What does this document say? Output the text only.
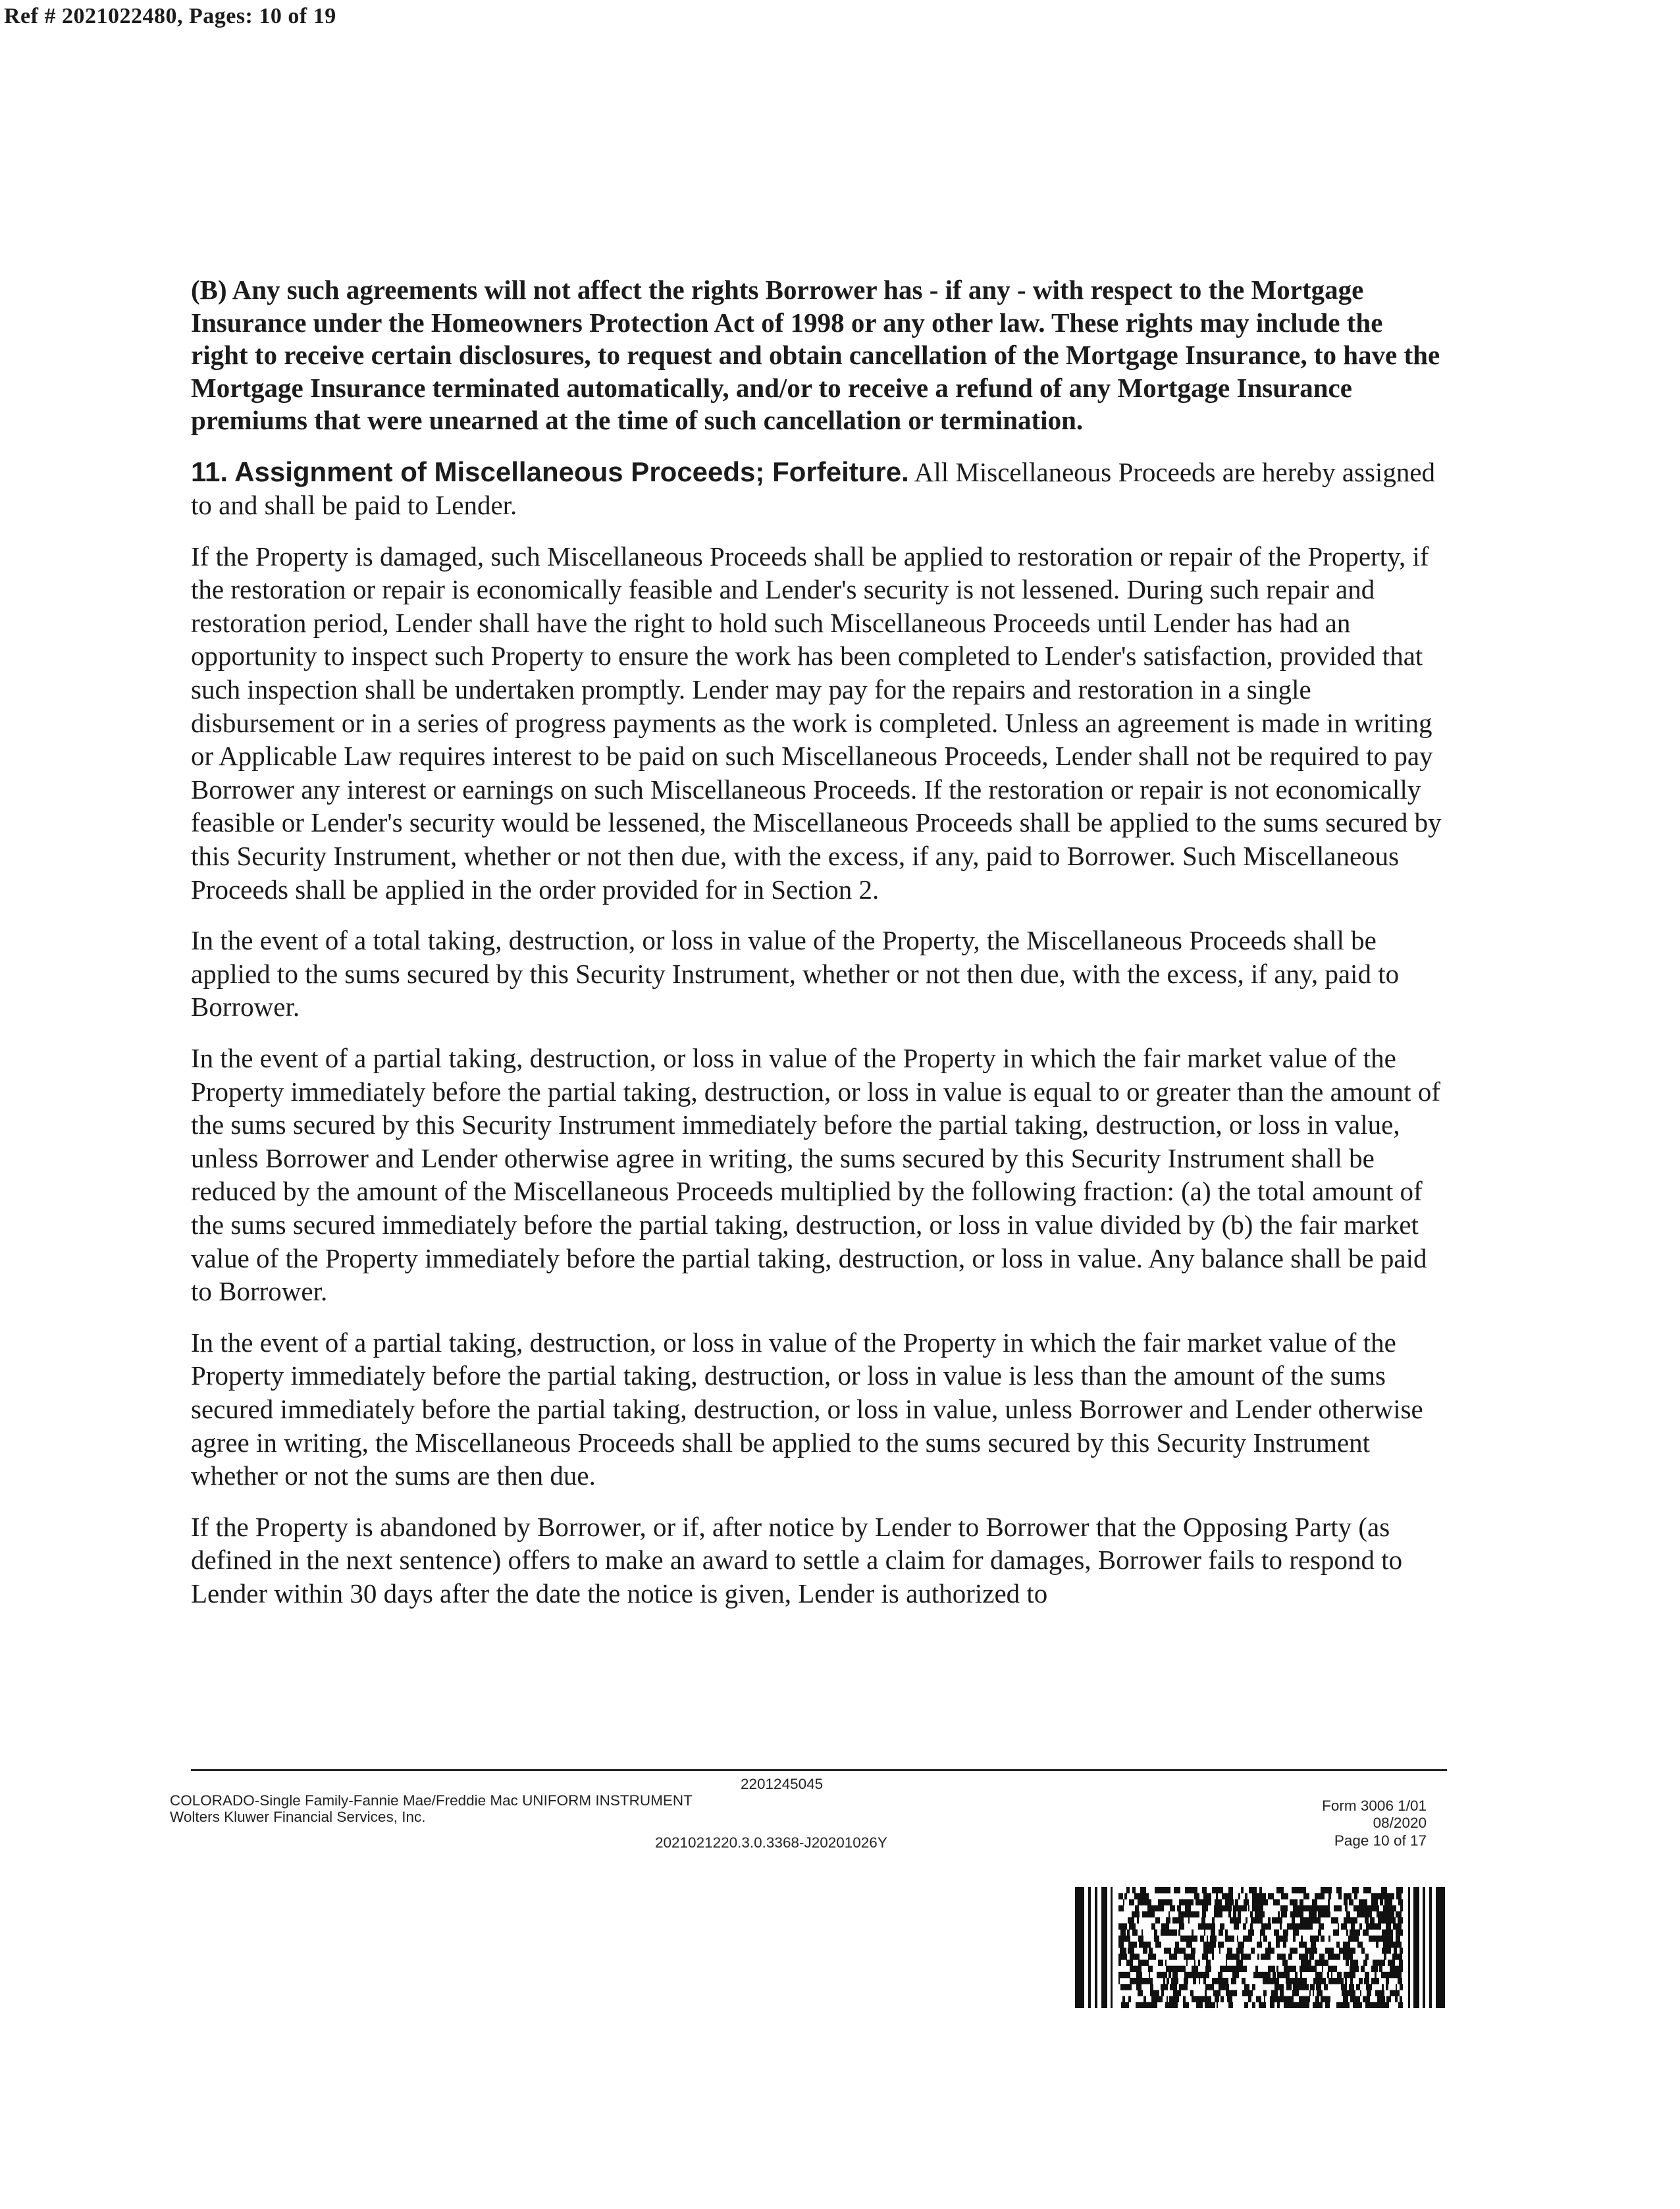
Ref # 2021022480, Pages: 10 of 19

(B) Any such agreements will not affect the rights Borrower has - if any - with respect to the Mortgage Insurance under the Homeowners Protection Act of 1998 or any other law. These rights may include the right to receive certain disclosures, to request and obtain cancellation of the Mortgage Insurance, to have the Mortgage Insurance terminated automatically, and/or to receive a refund of any Mortgage Insurance premiums that were unearned at the time of such cancellation or termination.

11. Assignment of Miscellaneous Proceeds; Forfeiture. All Miscellaneous Proceeds are hereby assigned to and shall be paid to Lender.

If the Property is damaged, such Miscellaneous Proceeds shall be applied to restoration or repair of the Property, if the restoration or repair is economically feasible and Lender's security is not lessened. During such repair and restoration period, Lender shall have the right to hold such Miscellaneous Proceeds until Lender has had an opportunity to inspect such Property to ensure the work has been completed to Lender's satisfaction, provided that such inspection shall be undertaken promptly. Lender may pay for the repairs and restoration in a single disbursement or in a series of progress payments as the work is completed. Unless an agreement is made in writing or Applicable Law requires interest to be paid on such Miscellaneous Proceeds, Lender shall not be required to pay Borrower any interest or earnings on such Miscellaneous Proceeds. If the restoration or repair is not economically feasible or Lender's security would be lessened, the Miscellaneous Proceeds shall be applied to the sums secured by this Security Instrument, whether or not then due, with the excess, if any, paid to Borrower. Such Miscellaneous Proceeds shall be applied in the order provided for in Section 2.

In the event of a total taking, destruction, or loss in value of the Property, the Miscellaneous Proceeds shall be applied to the sums secured by this Security Instrument, whether or not then due, with the excess, if any, paid to Borrower.

In the event of a partial taking, destruction, or loss in value of the Property in which the fair market value of the Property immediately before the partial taking, destruction, or loss in value is equal to or greater than the amount of the sums secured by this Security Instrument immediately before the partial taking, destruction, or loss in value, unless Borrower and Lender otherwise agree in writing, the sums secured by this Security Instrument shall be reduced by the amount of the Miscellaneous Proceeds multiplied by the following fraction: (a) the total amount of the sums secured immediately before the partial taking, destruction, or loss in value divided by (b) the fair market value of the Property immediately before the partial taking, destruction, or loss in value. Any balance shall be paid to Borrower.

In the event of a partial taking, destruction, or loss in value of the Property in which the fair market value of the Property immediately before the partial taking, destruction, or loss in value is less than the amount of the sums secured immediately before the partial taking, destruction, or loss in value, unless Borrower and Lender otherwise agree in writing, the Miscellaneous Proceeds shall be applied to the sums secured by this Security Instrument whether or not the sums are then due.

If the Property is abandoned by Borrower, or if, after notice by Lender to Borrower that the Opposing Party (as defined in the next sentence) offers to make an award to settle a claim for damages, Borrower fails to respond to Lender within 30 days after the date the notice is given, Lender is authorized to

2201245045
COLORADO-Single Family-Fannie Mae/Freddie Mac UNIFORM INSTRUMENT
Wolters Kluwer Financial Services, Inc.
2021021220.3.0.3368-J20201026Y
Form 3006 1/01
08/2020
Page 10 of 17
